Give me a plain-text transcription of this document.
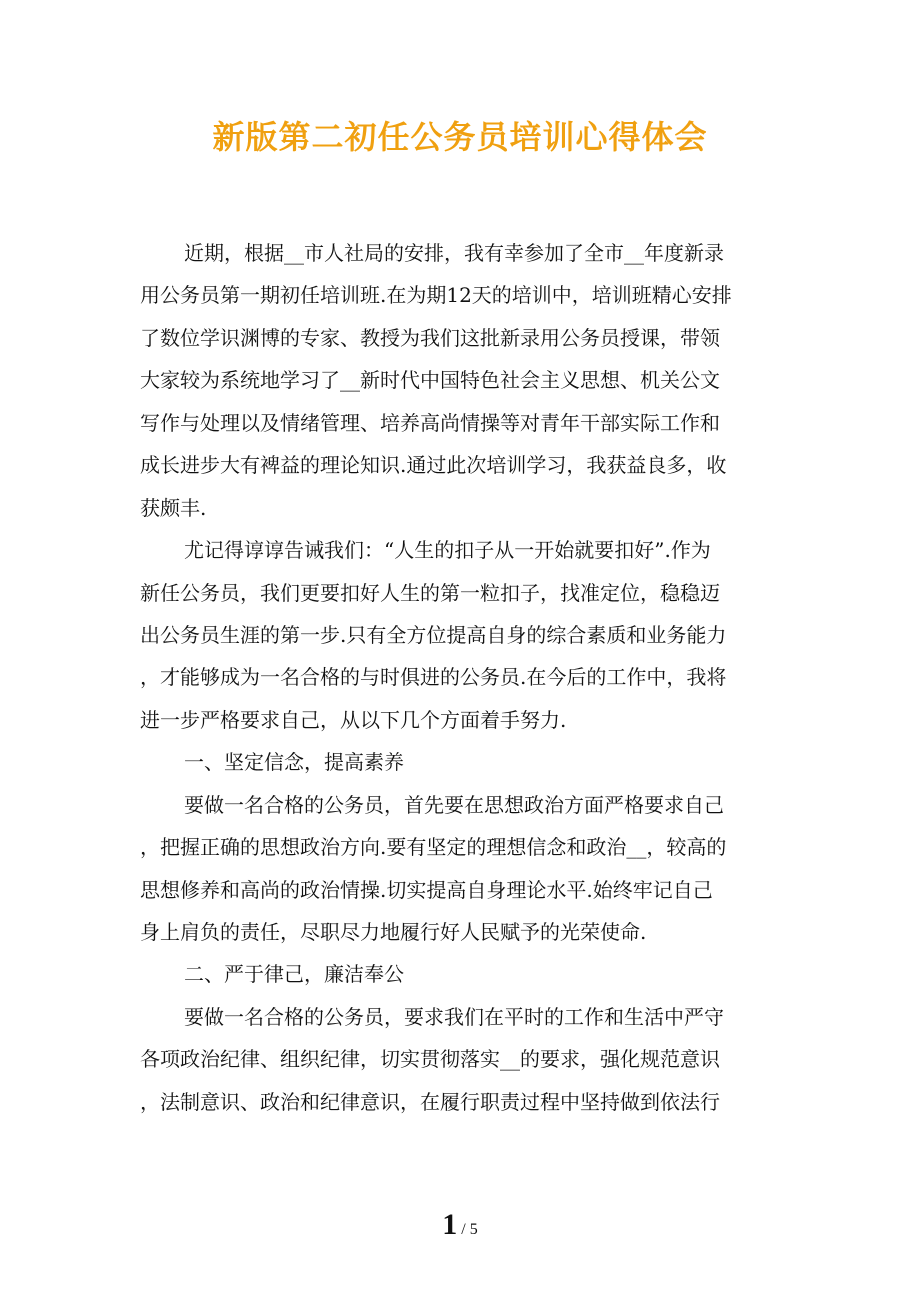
新版第二初任公务员培训心得体会
近期，根据__市人社局的安排，我有幸参加了全市__年度新录
用公务员第一期初任培训班.在为期12天的培训中，培训班精心安排
了数位学识渊博的专家、教授为我们这批新录用公务员授课，带领
大家较为系统地学习了__新时代中国特色社会主义思想、机关公文
写作与处理以及情绪管理、培养高尚情操等对青年干部实际工作和
成长进步大有裨益的理论知识.通过此次培训学习，我获益良多，收
获颇丰.
尤记得谆谆告诫我们：“人生的扣子从一开始就要扣好”.作为
新任公务员，我们更要扣好人生的第一粒扣子，找准定位，稳稳迈
出公务员生涯的第一步.只有全方位提高自身的综合素质和业务能力
，才能够成为一名合格的与时俱进的公务员.在今后的工作中，我将
进一步严格要求自己，从以下几个方面着手努力.
一、坚定信念，提高素养
要做一名合格的公务员，首先要在思想政治方面严格要求自己
，把握正确的思想政治方向.要有坚定的理想信念和政治__，较高的
思想修养和高尚的政治情操.切实提高自身理论水平.始终牢记自己
身上肩负的责任，尽职尽力地履行好人民赋予的光荣使命.
二、严于律己，廉洁奉公
要做一名合格的公务员，要求我们在平时的工作和生活中严守
各项政治纪律、组织纪律，切实贯彻落实__的要求，强化规范意识
，法制意识、政治和纪律意识，在履行职责过程中坚持做到依法行
1 / 5
